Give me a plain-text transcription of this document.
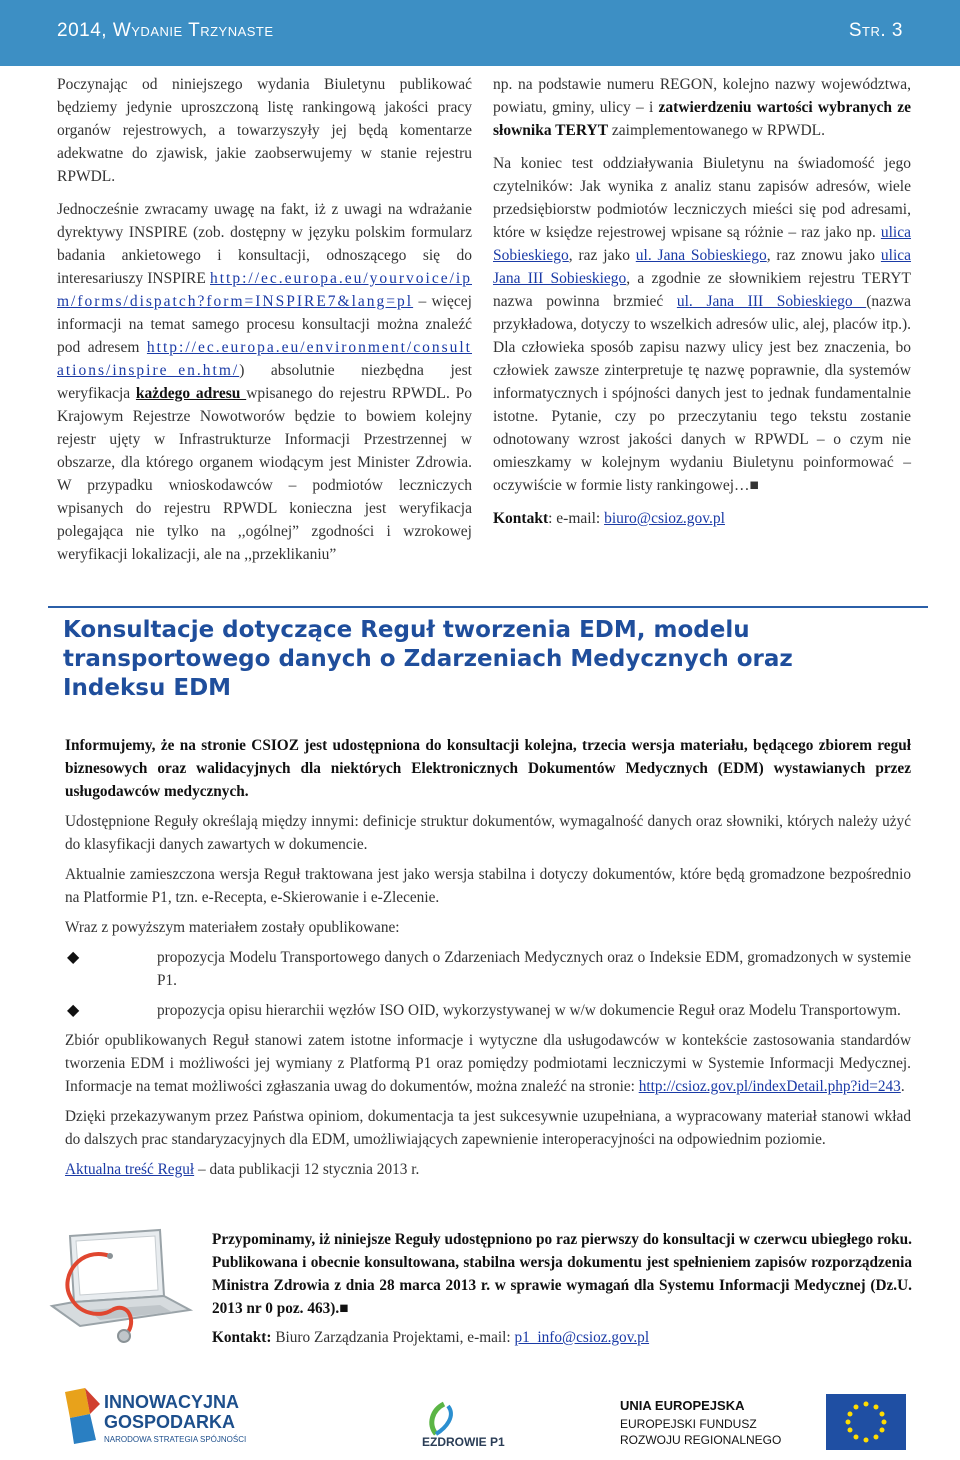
2014, Wydanie Trzynaste	Str. 3

Poczynając od niniejszego wydania Biuletynu publikować będziemy jedynie uproszczoną listę rankingową jakości pracy organów rejestrowych, a towarzyszyły jej będą komentarze adekwatne do zjawisk, jakie zaobserwujemy w stanie rejestru RPWDL.

Jednocześnie zwracamy uwagę na fakt, iż z uwagi na wdrażanie dyrektywy INSPIRE (zob. dostępny w języku polskim formularz badania ankietowego i konsultacji, odnoszącego się do interesariuszy INSPIRE http://ec.europa.eu/yourvoice/ipm/forms/dispatch?form=INSPIRE7&lang=pl – więcej informacji na temat samego procesu konsultacji można znaleźć pod adresem http://ec.europa.eu/environment/consultations/inspire_en.htm/) absolutnie niezbędna jest weryfikacja każdego adresu wpisanego do rejestru RPWDL. Po Krajowym Rejestrze Nowotworów będzie to bowiem kolejny rejestr ujęty w Infrastrukturze Informacji Przestrzennej w obszarze, dla którego organem wiodącym jest Minister Zdrowia. W przypadku wnioskodawców – podmiotów leczniczych wpisanych do rejestru RPWDL konieczna jest weryfikacja polegająca nie tylko na ,,ogólnej” zgodności i wzrokowej weryfikacji lokalizacji, ale na ,,przeklikaniu”

np. na podstawie numeru REGON, kolejno nazwy województwa, powiatu, gminy, ulicy – i zatwierdzeniu wartości wybranych ze słownika TERYT zaimplementowanego w RPWDL.

Na koniec test oddziaływania Biuletynu na świadomość jego czytelników: Jak wynika z analiz stanu zapisów adresów, wiele przedsiębiorstw podmiotów leczniczych mieści się pod adresami, które w księdze rejestrowej wpisane są różnie – raz jako np. ulica Sobieskiego, raz jako ul. Jana Sobieskiego, raz znowu jako ulica Jana III Sobieskiego, a zgodnie ze słownikiem rejestru TERYT nazwa powinna brzmieć ul. Jana III Sobieskiego (nazwa przykładowa, dotyczy to wszelkich adresów ulic, alej, placów itp.). Dla człowieka sposób zapisu nazwy ulicy jest bez znaczenia, bo człowiek zawsze zinterpretuje tę nazwę poprawnie, dla systemów informatycznych i spójności danych jest to jednak fundamentalnie istotne. Pytanie, czy po przeczytaniu tego tekstu zostanie odnotowany wzrost jakości danych w RPWDL – o czym nie omieszkamy w kolejnym wydaniu Biuletynu poinformować – oczywiście w formie listy rankingowej…■

Kontakt: e-mail: biuro@csioz.gov.pl

Konsultacje dotyczące Reguł tworzenia EDM, modelu transportowego danych o Zdarzeniach Medycznych oraz Indeksu EDM

Informujemy, że na stronie CSIOZ jest udostępniona do konsultacji kolejna, trzecia wersja materiału, będącego zbiorem reguł biznesowych oraz walidacyjnych dla niektórych Elektronicznych Dokumentów Medycznych (EDM) wystawianych przez usługodawców medycznych.

Udostępnione Reguły określają między innymi: definicje struktur dokumentów, wymagalność danych oraz słowniki, których należy użyć do klasyfikacji danych zawartych w dokumencie.

Aktualnie zamieszczona wersja Reguł traktowana jest jako wersja stabilna i dotyczy dokumentów, które będą gromadzone bezpośrednio na Platformie P1, tzn. e-Recepta, e-Skierowanie i e-Zlecenie.

Wraz z powyższym materiałem zostały opublikowane:

◆	propozycja Modelu Transportowego danych o Zdarzeniach Medycznych oraz o Indeksie EDM, gromadzonych w systemie P1.
◆	propozycja opisu hierarchii węzłów ISO OID, wykorzystywanej w w/w dokumencie Reguł oraz Modelu Transportowym.

Zbiór opublikowanych Reguł stanowi zatem istotne informacje i wytyczne dla usługodawców w kontekście zastosowania standardów tworzenia EDM i możliwości jej wymiany z Platformą P1 oraz pomiędzy podmiotami leczniczymi w Systemie Informacji Medycznej. Informacje na temat możliwości zgłaszania uwag do dokumentów, można znaleźć na stronie: http://csioz.gov.pl/indexDetail.php?id=243.

Dzięki przekazywanym przez Państwa opiniom, dokumentacja ta jest sukcesywnie uzupełniana, a wypracowany materiał stanowi wkład do dalszych prac standaryzacyjnych dla EDM, umożliwiających zapewnienie interoperacyjności na odpowiednim poziomie.

Aktualna treść Reguł – data publikacji 12 stycznia 2013 r.

Przypominamy, iż niniejsze Reguły udostępniono po raz pierwszy do konsultacji w czerwcu ubiegłego roku. Publikowana i obecnie konsultowana, stabilna wersja dokumentu jest spełnieniem zapisów rozporządzenia Ministra Zdrowia z dnia 28 marca 2013 r. w sprawie wymagań dla Systemu Informacji Medycznej (Dz.U. 2013 nr 0 poz. 463).■

Kontakt: Biuro Zarządzania Projektami, e-mail: p1_info@csioz.gov.pl

INNOWACYJNA
GOSPODARKA
NARODOWA STRATEGIA SPÓJNOŚCI	EZDROWIE P1
UNIA EUROPEJSKA
EUROPEJSKI FUNDUSZ
ROZWOJU REGIONALNEGO
